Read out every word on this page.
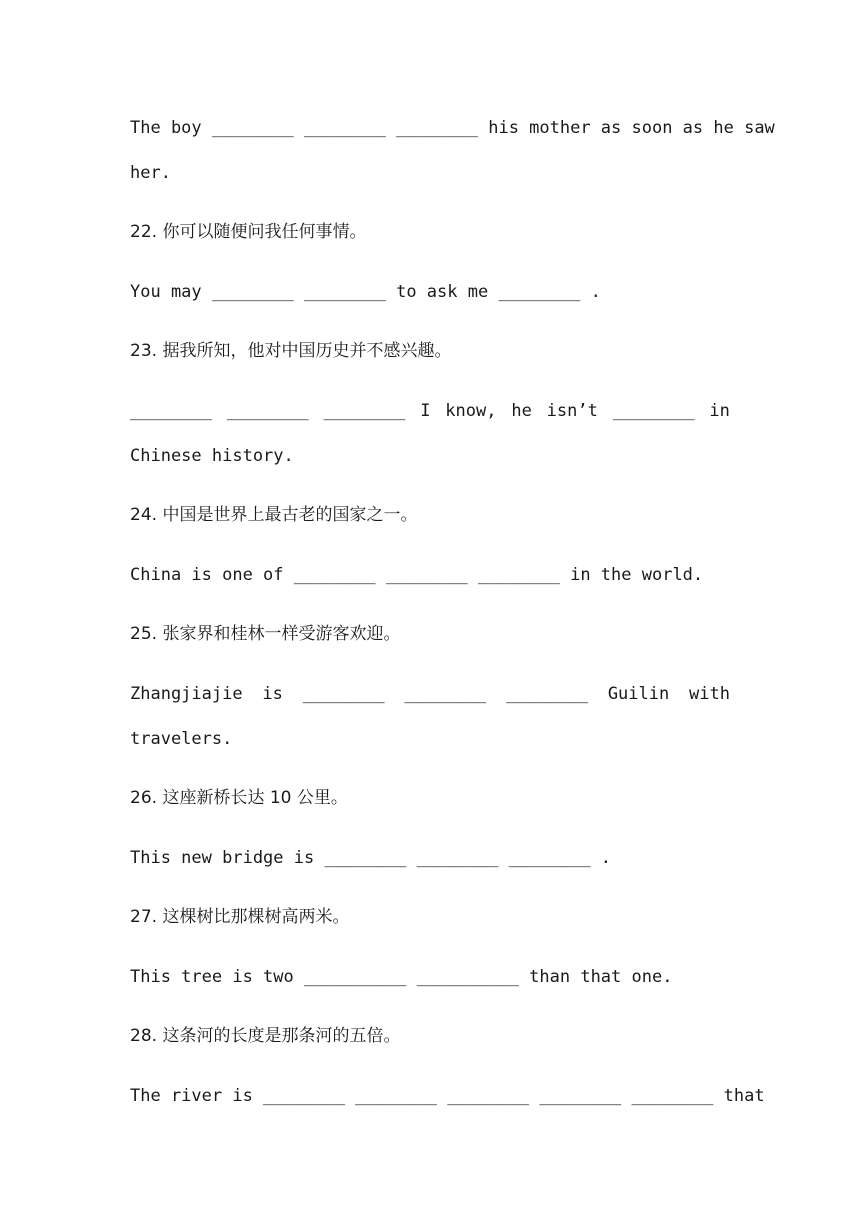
The boy ________ ________ ________ his mother as soon as he saw
her.
22. 你可以随便问我任何事情。
You may ________ ________ to ask me ________ .
23. 据我所知，他对中国历史并不感兴趣。
________ ________ ________ I know, he isn’t ________ in
Chinese history.
24. 中国是世界上最古老的国家之一。
China is one of ________ ________ ________ in the world.
25. 张家界和桂林一样受游客欢迎。
Zhangjiajie is ________ ________ ________ Guilin with
travelers.
26. 这座新桥长达 10 公里。
This new bridge is ________ ________ ________ .
27. 这棵树比那棵树高两米。
This tree is two __________ __________ than that one.
28. 这条河的长度是那条河的五倍。
The river is ________ ________ ________ ________ ________ that
